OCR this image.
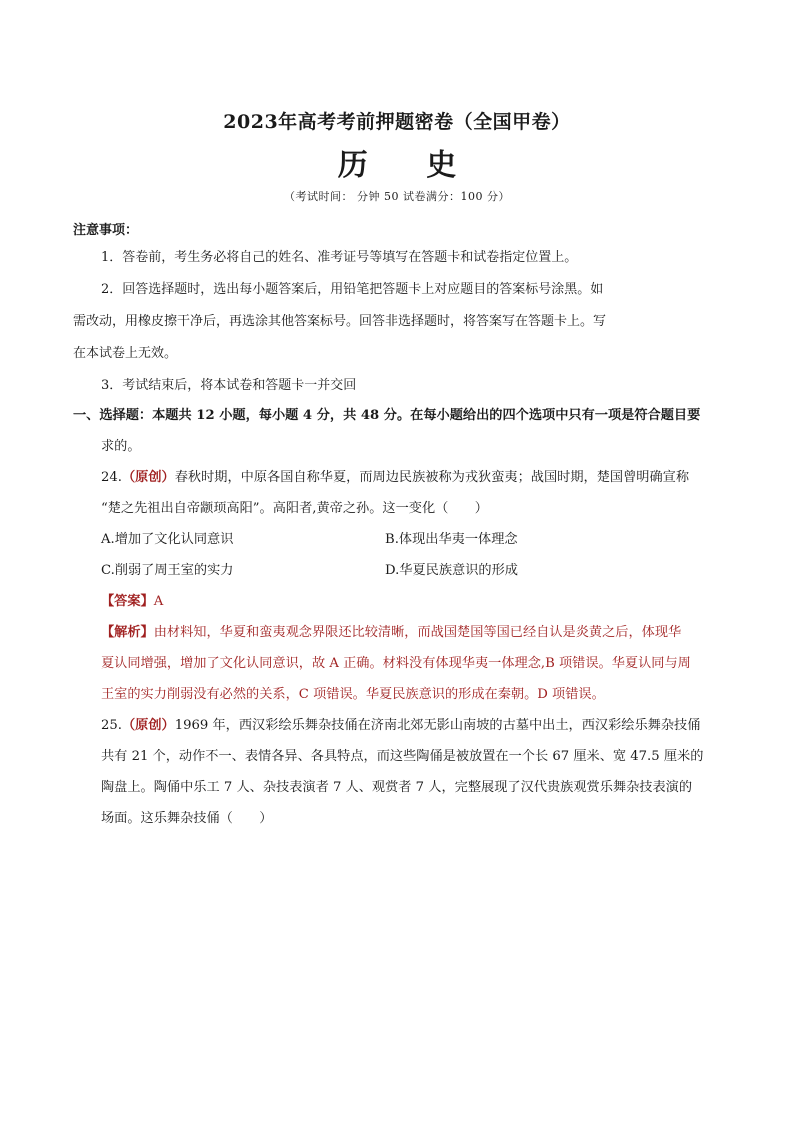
2023年高考考前押题密卷（全国甲卷）
历 史
（考试时间： 分钟 50 试卷满分：100 分）
注意事项：
1．答卷前，考生务必将自己的姓名、准考证号等填写在答题卡和试卷指定位置上。
2．回答选择题时，选出每小题答案后，用铅笔把答题卡上对应题目的答案标号涂黑。如
需改动，用橡皮擦干净后，再选涂其他答案标号。回答非选择题时，将答案写在答题卡上。写
在本试卷上无效。
3．考试结束后，将本试卷和答题卡一并交回
一、选择题：本题共 12 小题，每小题 4 分，共 48 分。在每小题给出的四个选项中只有一项是符合题目要
求的。
24.（原创）春秋时期，中原各国自称华夏，而周边民族被称为戎狄蛮夷；战国时期，楚国曾明确宣称
“楚之先祖出自帝颛顼高阳”。高阳者,黄帝之孙。这一变化（　　）
A.增加了文化认同意识	B.体现出华夷一体理念
C.削弱了周王室的实力	D.华夏民族意识的形成
【答案】A
【解析】由材料知，华夏和蛮夷观念界限还比较清晰，而战国楚国等国已经自认是炎黄之后，体现华
夏认同增强，增加了文化认同意识，故 A 正确。材料没有体现华夷一体理念,B 项错误。华夏认同与周
王室的实力削弱没有必然的关系，C 项错误。华夏民族意识的形成在秦朝。D 项错误。
25.（原创）1969 年，西汉彩绘乐舞杂技俑在济南北郊无影山南坡的古墓中出土，西汉彩绘乐舞杂技俑
共有 21 个，动作不一、表情各异、各具特点，而这些陶俑是被放置在一个长 67 厘米、宽 47.5 厘米的
陶盘上。陶俑中乐工 7 人、杂技表演者 7 人、观赏者 7 人，完整展现了汉代贵族观赏乐舞杂技表演的
场面。这乐舞杂技俑（　　）
